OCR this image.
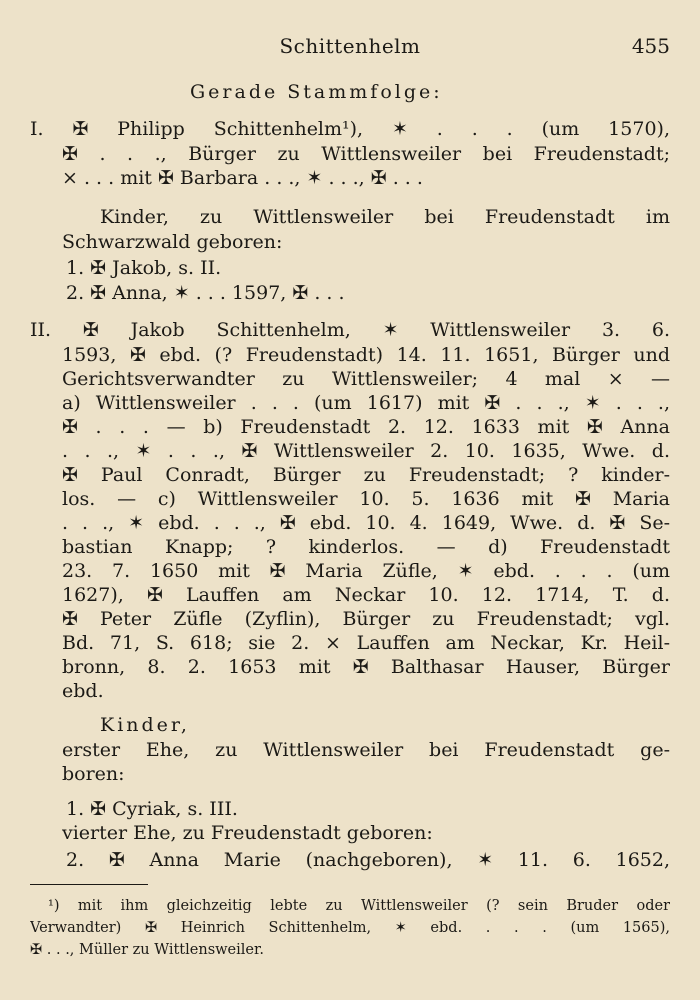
Schittenhelm	455
Gerade Stammfolge:
I. ✠ Philipp Schittenhelm¹), ✶ . . . (um 1570),
✠ . . ., Bürger zu Wittlensweiler bei Freudenstadt;
⨯ . . . mit ✠ Barbara . . ., ✶ . . ., ✠ . . .
Kinder, zu Wittlensweiler bei Freudenstadt im
Schwarzwald geboren:
1. ✠ Jakob, s. II.
2. ✠ Anna, ✶ . . . 1597, ✠ . . .
II. ✠ Jakob Schittenhelm, ✶ Wittlensweiler 3. 6.
1593, ✠ ebd. (? Freudenstadt) 14. 11. 1651, Bürger und
Gerichtsverwandter zu Wittlensweiler; 4 mal ⨯ —
a) Wittlensweiler . . . (um 1617) mit ✠ . . ., ✶ . . .,
✠ . . . — b) Freudenstadt 2. 12. 1633 mit ✠ Anna
. . ., ✶ . . ., ✠ Wittlensweiler 2. 10. 1635, Wwe. d.
✠ Paul Conradt, Bürger zu Freudenstadt; ? kinder-
los. — c) Wittlensweiler 10. 5. 1636 mit ✠ Maria
. . ., ✶ ebd. . . ., ✠ ebd. 10. 4. 1649, Wwe. d. ✠ Se-
bastian Knapp; ? kinderlos. — d) Freudenstadt
23. 7. 1650 mit ✠ Maria Züfle, ✶ ebd. . . . (um
1627), ✠ Lauffen am Neckar 10. 12. 1714, T. d.
✠ Peter Züfle (Zyflin), Bürger zu Freudenstadt; vgl.
Bd. 71, S. 618; sie 2. ⨯ Lauffen am Neckar, Kr. Heil-
bronn, 8. 2. 1653 mit ✠ Balthasar Hauser, Bürger
ebd.
Kinder,
erster Ehe, zu Wittlensweiler bei Freudenstadt ge-
boren:
1. ✠ Cyriak, s. III.
vierter Ehe, zu Freudenstadt geboren:
2. ✠ Anna Marie (nachgeboren), ✶ 11. 6. 1652,
¹) mit ihm gleichzeitig lebte zu Wittlensweiler (? sein Bruder oder
Verwandter) ✠ Heinrich Schittenhelm, ✶ ebd. . . . (um 1565),
✠ . . ., Müller zu Wittlensweiler.
